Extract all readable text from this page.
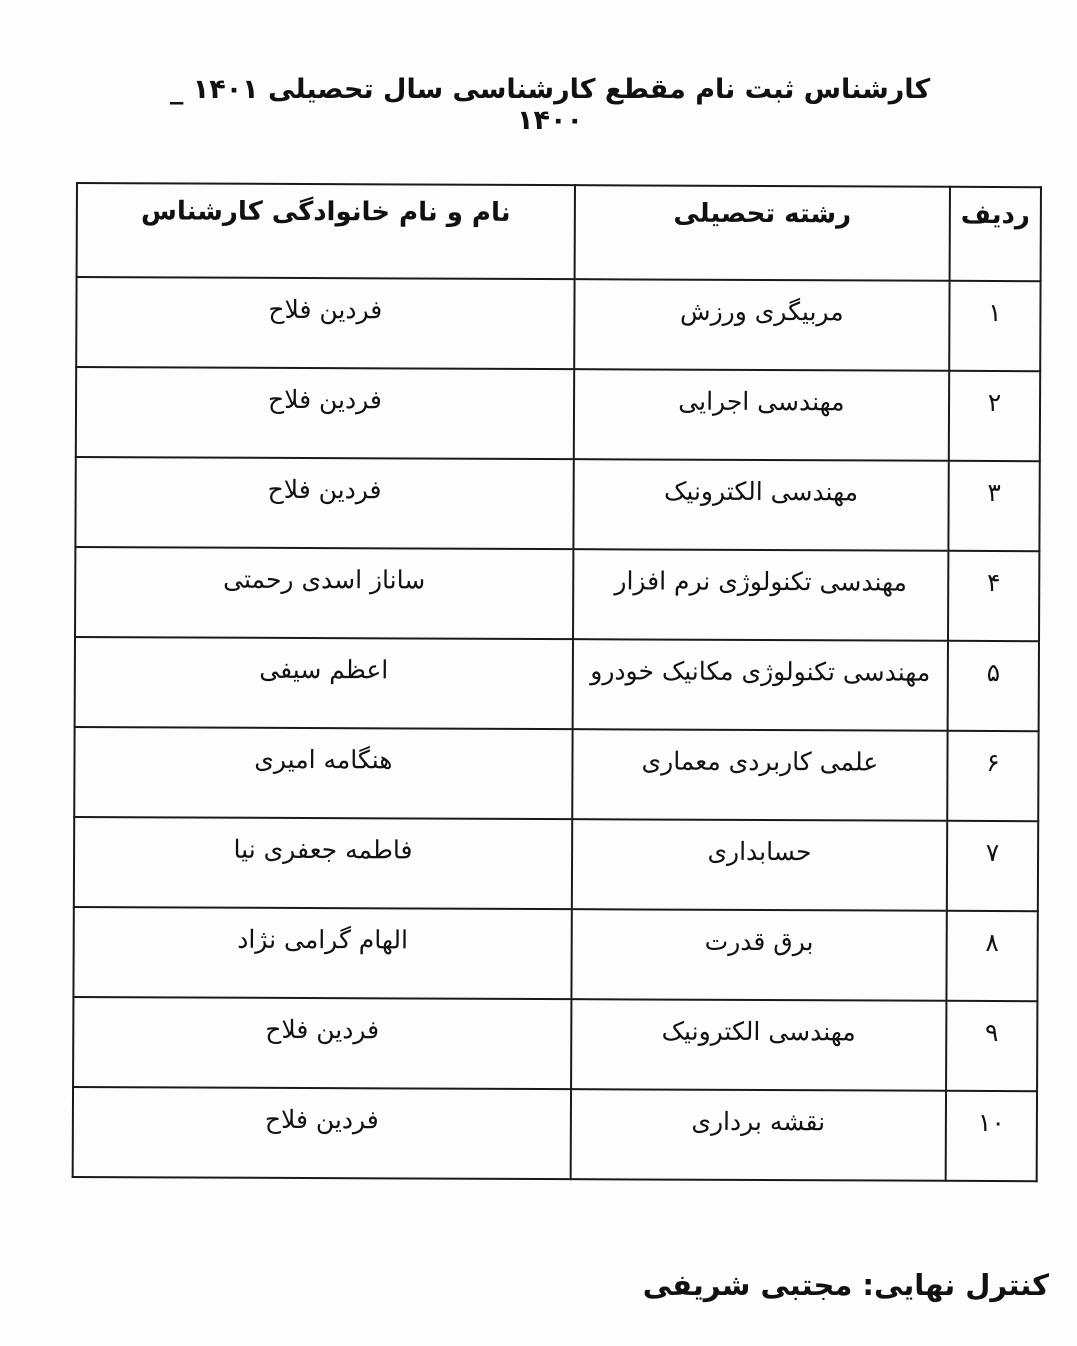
کارشناس ثبت نام مقطع کارشناسی سال تحصیلی ۱۴۰۱ _ ۱۴۰۰
ردیف	رشته تحصیلی	نام و نام خانوادگی کارشناس
۱	مربیگری ورزش	فردین فلاح
۲	مهندسی اجرایی	فردین فلاح
۳	مهندسی الکترونیک	فردین فلاح
۴	مهندسی تکنولوژی نرم افزار	ساناز اسدی رحمتی
۵	مهندسی تکنولوژی مکانیک خودرو	اعظم سیفی
۶	علمی کاربردی معماری	هنگامه امیری
۷	حسابداری	فاطمه جعفری نیا
۸	برق قدرت	الهام گرامی نژاد
۹	مهندسی الکترونیک	فردین فلاح
۱۰	نقشه برداری	فردین فلاح
کنترل نهایی: مجتبی شریفی
